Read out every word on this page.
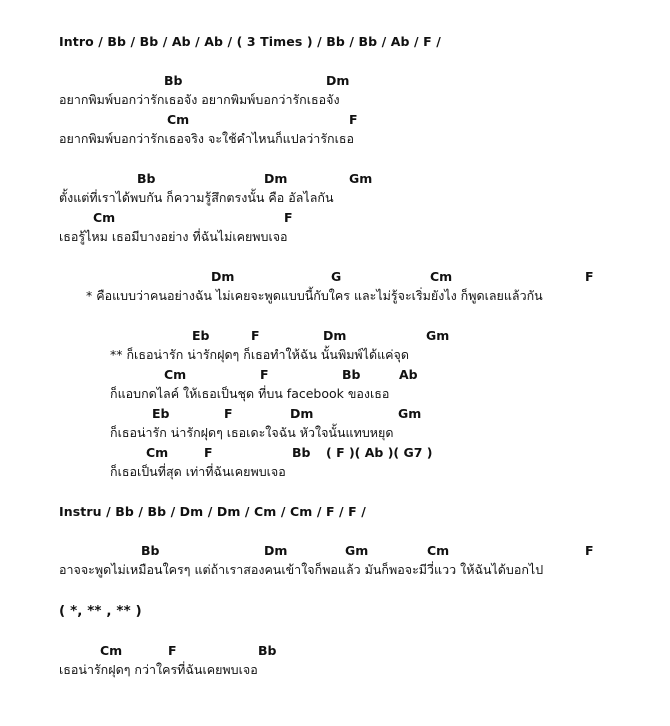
Intro / Bb / Bb / Ab / Ab / ( 3 Times ) / Bb / Bb / Ab / F /
Bb	Dm
อยากพิมพ์บอกว่ารักเธอจัง อยากพิมพ์บอกว่ารักเธอจัง
Cm	F
อยากพิมพ์บอกว่ารักเธอจริง จะใช้คำไหนก็แปลว่ารักเธอ
Bb	Dm	Gm
ตั้งแต่ที่เราได้พบกัน ก็ความรู้สึกตรงนั้น คือ อัลไลกัน
Cm	F
เธอรู้ไหม เธอมีบางอย่าง ที่ฉันไม่เคยพบเจอ
Dm	G	Cm	F
* คือแบบว่าคนอย่างฉัน ไม่เคยจะพูดแบบนี้กับใคร และไม่รู้จะเริ่มยังไง ก็พูดเลยแล้วกัน
Eb	F	Dm	Gm
** ก็เธอน่ารัก น่ารักฝุดๆ ก็เธอทำให้ฉัน นั้นพิมพ์ได้แค่จุด
Cm	F	Bb	Ab
ก็แอบกดไลค์ ให้เธอเป็นชุด ที่บน facebook ของเธอ
Eb	F	Dm	Gm
ก็เธอน่ารัก น่ารักฝุดๆ เธอเดะใจฉัน หัวใจนั้นแทบหยุด
Cm	F	Bb ( F )( Ab )( G7 )
ก็เธอเป็นที่สุด เท่าที่ฉันเคยพบเจอ
Instru / Bb / Bb / Dm / Dm / Cm / Cm / F / F /
Bb	Dm	Gm	Cm	F
อาจจะพูดไม่เหมือนใครๆ แต่ถ้าเราสองคนเข้าใจก็พอแล้ว มันก็พอจะมีวี่แวว ให้ฉันได้บอกไป
( *, ** , ** )
Cm	F	Bb
เธอน่ารักฝุดๆ กว่าใครที่ฉันเคยพบเจอ
